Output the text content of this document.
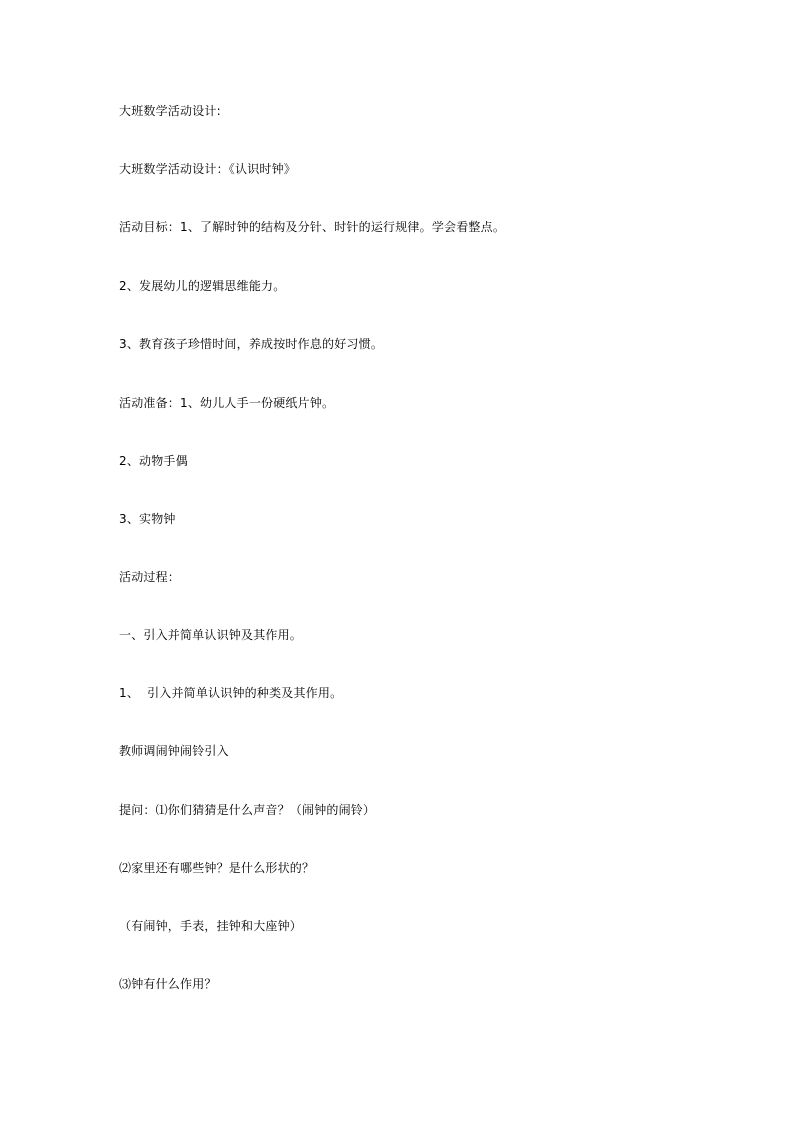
大班数学活动设计:
大班数学活动设计：《认识时钟》
活动目标：1、了解时钟的结构及分针、时针的运行规律。学会看整点。
2、发展幼儿的逻辑思维能力。
3、教育孩子珍惜时间，养成按时作息的好习惯。
活动准备：1、幼儿人手一份硬纸片钟。
2、动物手偶
3、实物钟
活动过程：
一、引入并简单认识钟及其作用。
1、  引入并简单认识钟的种类及其作用。
教师调闹钟闹铃引入
提问：⑴你们猜猜是什么声音？（闹钟的闹铃）
⑵家里还有哪些钟？是什么形状的？
（有闹钟，手表，挂钟和大座钟）
⑶钟有什么作用？
